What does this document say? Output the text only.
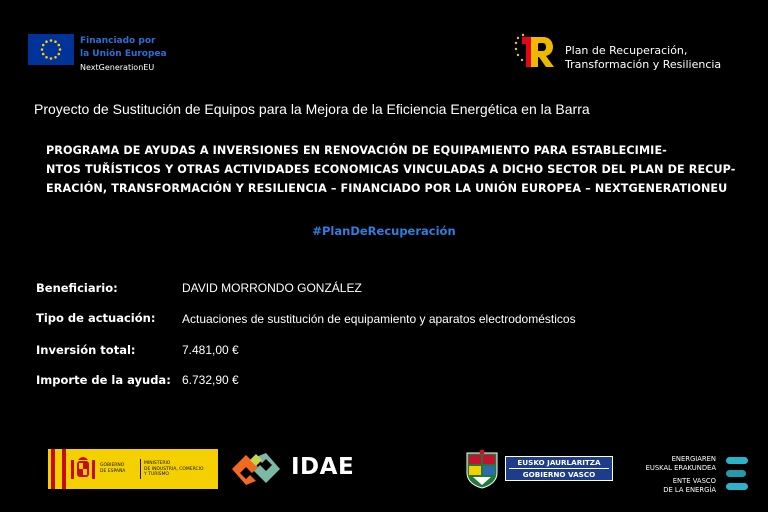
Financiado por
la Unión Europea
NextGenerationEU
Plan de Recuperación,
Transformación y Resiliencia
Proyecto de Sustitución de Equipos para la Mejora de la Eficiencia Energética en la Barra
PROGRAMA DE AYUDAS A INVERSIONES EN RENOVACIÓN DE EQUIPAMIENTO PARA ESTABLECIMIE-
NTOS TUŘÍSTICOS Y OTRAS ACTIVIDADES ECONOMICAS VINCULADAS A DICHO SECTOR DEL PLAN DE RECUP-
ERACIÓN, TRANSFORMACIÓN Y RESILIENCIA – FINANCIADO POR LA UNIÓN EUROPEA – NEXTGENERATIONEU
#PlanDeRecuperación
Beneficiario:	DAVID MORRONDO GONZÁLEZ
Tipo de actuación: Actuaciones de sustitución de equipamiento y aparatos electrodomésticos
Inversión total:	7.481,00 €
Importe de la ayuda: 6.732,90 €
GOBIERNO
DE ESPAÑA
MINISTERIO
DE INDUSTRIA, COMERCIO
Y TURISMO	IDAE	EUSKO JAURLARITZA
GOBIERNO VASCO
ENERGIAREN
EUSKAL ERAKUNDEA
ENTE VASCO
DE LA ENERGÍA
